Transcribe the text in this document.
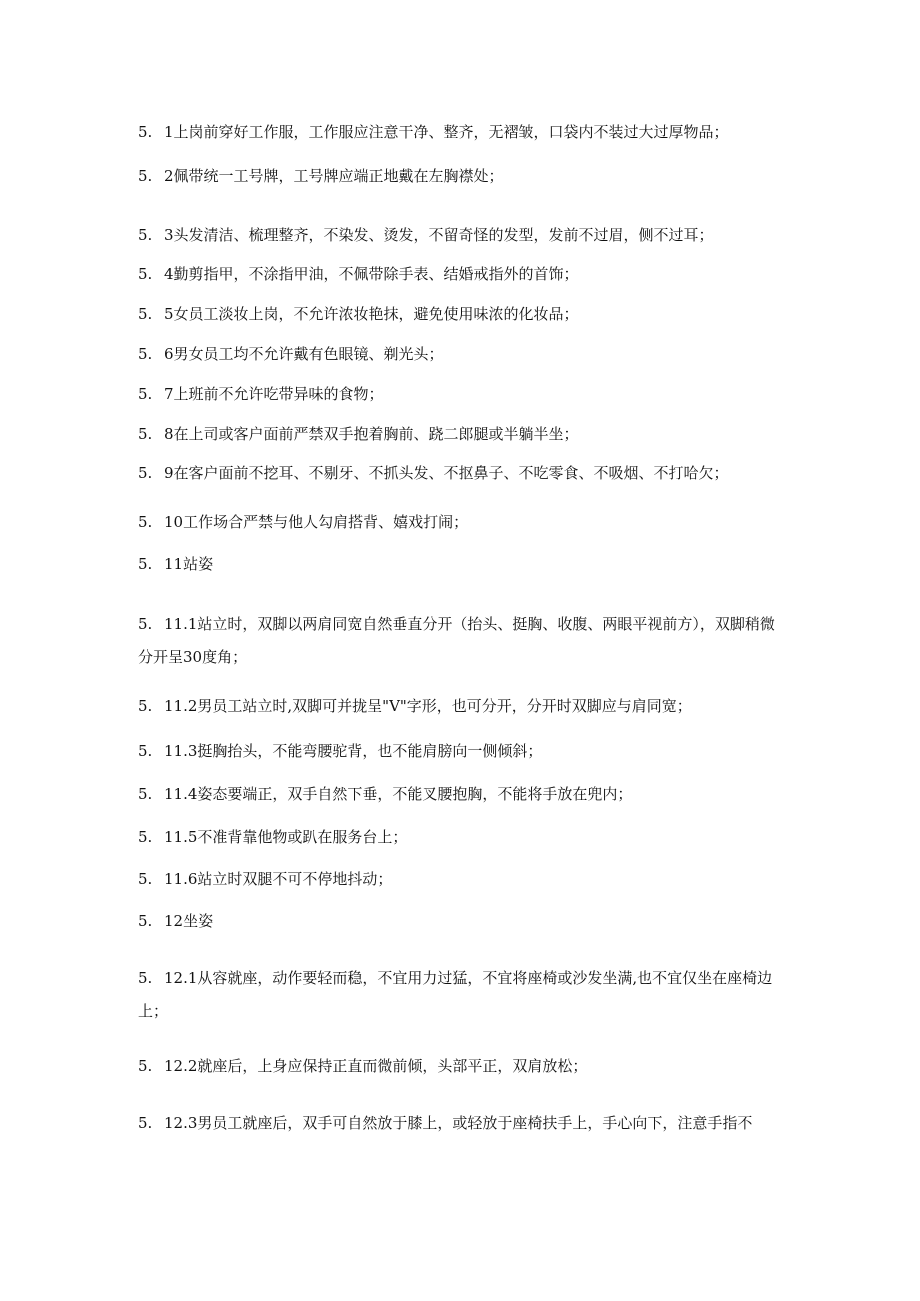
5. 1上岗前穿好工作服，工作服应注意干净、整齐，无褶皱，口袋内不装过大过厚物品；

5. 2佩带统一工号牌，工号牌应端正地戴在左胸襟处；

5. 3头发清洁、梳理整齐，不染发、烫发，不留奇怪的发型，发前不过眉，侧不过耳；

5. 4勤剪指甲，不涂指甲油，不佩带除手表、结婚戒指外的首饰；

5. 5女员工淡妆上岗，不允许浓妆艳抹，避免使用味浓的化妆品；

5. 6男女员工均不允许戴有色眼镜、剃光头；

5. 7上班前不允许吃带异味的食物；

5. 8在上司或客户面前严禁双手抱着胸前、跷二郎腿或半躺半坐；

5. 9在客户面前不挖耳、不剔牙、不抓头发、不抠鼻子、不吃零食、不吸烟、不打哈欠；

5. 10工作场合严禁与他人勾肩搭背、嬉戏打闹；

5. 11站姿

5. 11.1站立时，双脚以两肩同宽自然垂直分开（抬头、挺胸、收腹、两眼平视前方），双脚稍微分开呈30度角；

5. 11.2男员工站立时,双脚可并拢呈"V"字形，也可分开，分开时双脚应与肩同宽；

5. 11.3挺胸抬头，不能弯腰驼背，也不能肩膀向一侧倾斜；

5. 11.4姿态要端正，双手自然下垂，不能叉腰抱胸，不能将手放在兜内；

5. 11.5不准背靠他物或趴在服务台上；

5. 11.6站立时双腿不可不停地抖动；

5. 12坐姿

5. 12.1从容就座，动作要轻而稳，不宜用力过猛，不宜将座椅或沙发坐满,也不宜仅坐在座椅边上；

5. 12.2就座后，上身应保持正直而微前倾，头部平正，双肩放松；

5. 12.3男员工就座后，双手可自然放于膝上，或轻放于座椅扶手上，手心向下，注意手指不
